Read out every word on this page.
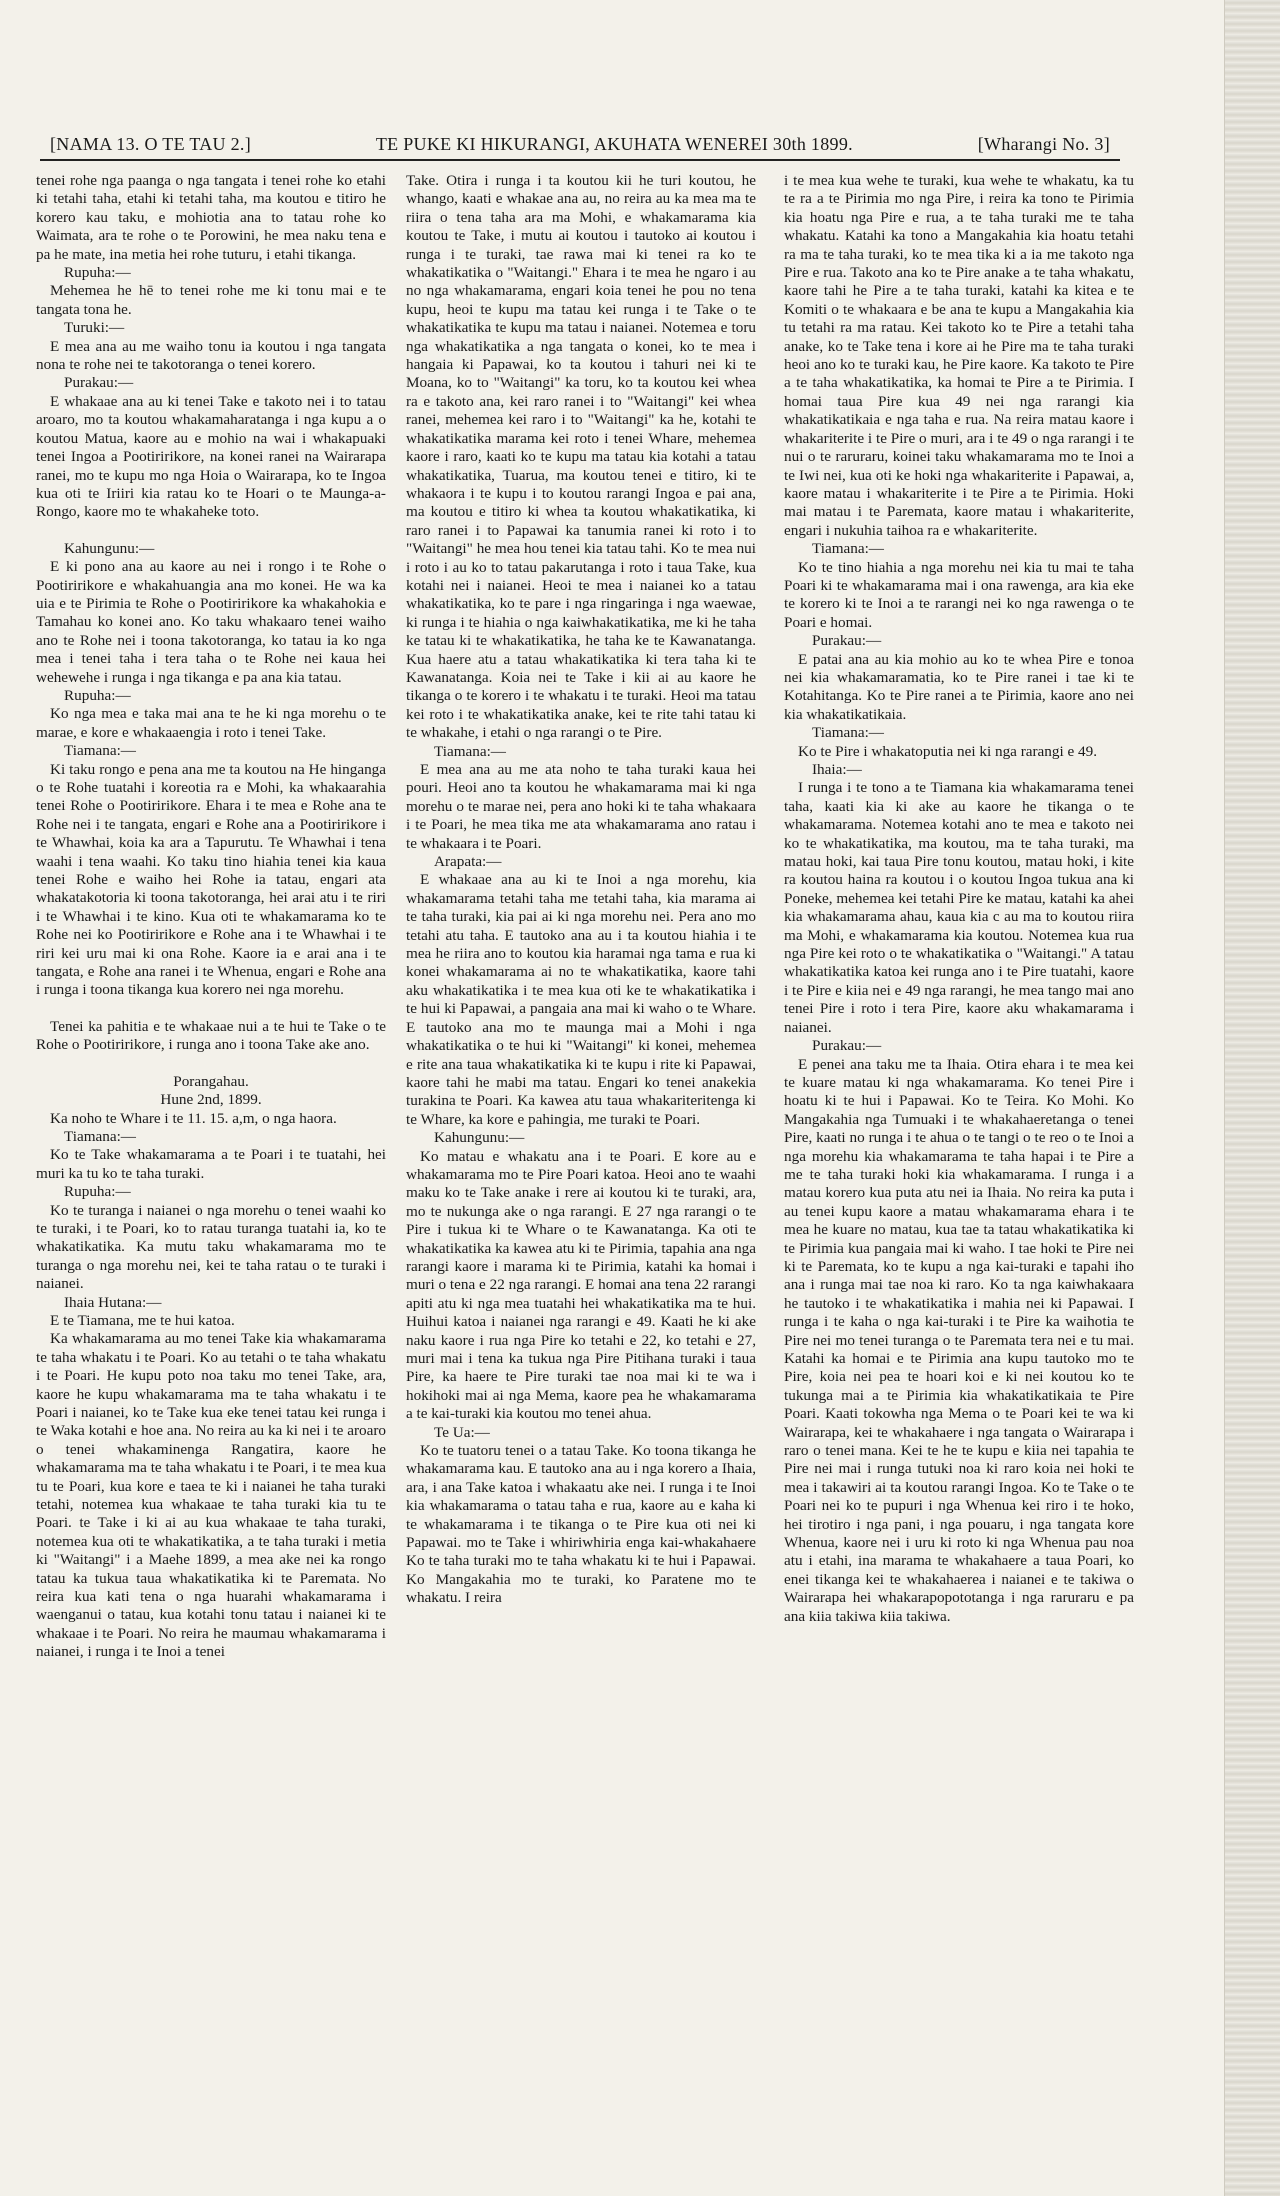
[NAMA 13. O TE TAU 2.]	TE PUKE KI HIKURANGI, AKUHATA WENEREI 30th 1899.	[Wharangi No. 3]

tenei rohe nga paanga o nga tangata i tenei rohe ko etahi ki tetahi taha, etahi ki tetahi taha, ma koutou e titiro he korero kau taku, e mohiotia ana to tatau rohe ko Waimata, ara te rohe o te Porowini, he mea naku tena e pa he mate, ina metia hei rohe tuturu, i etahi tikanga.

Rupuha:—

Mehemea he hē to tenei rohe me ki tonu mai e te tangata tona he.

Turuki:—

E mea ana au me waiho tonu ia koutou i nga tangata nona te rohe nei te takotoranga o tenei korero.

Purakau:—

E whakaae ana au ki tenei Take e takoto nei i to tatau aroaro, mo ta koutou whakamaharatanga i nga kupu a o koutou Matua, kaore au e mohio na wai i whakapuaki tenei Ingoa a Pootiririkore, na konei ranei na Wairarapa ranei, mo te kupu mo nga Hoia o Wairarapa, ko te Ingoa kua oti te Iriiri kia ratau ko te Hoari o te Maunga-a-Rongo, kaore mo te whakaheke toto.

Kahungunu:—

E ki pono ana au kaore au nei i rongo i te Rohe o Pootiririkore e whakahuangia ana mo konei. He wa ka uia e te Pirimia te Rohe o Pootiririkore ka whakahokia e Tamahau ko konei ano. Ko taku whakaaro tenei waiho ano te Rohe nei i toona takotoranga, ko tatau ia ko nga mea i tenei taha i tera taha o te Rohe nei kaua hei wehewehe i runga i nga tikanga e pa ana kia tatau.

Rupuha:—

Ko nga mea e taka mai ana te he ki nga morehu o te marae, e kore e whakaaengia i roto i tenei Take.

Tiamana:—

Ki taku rongo e pena ana me ta koutou na He hinganga o te Rohe tuatahi i koreotia ra e Mohi, ka whakaarahia tenei Rohe o Pootiririkore. Ehara i te mea e Rohe ana te Rohe nei i te tangata, engari e Rohe ana a Pootiririkore i te Whawhai, koia ka ara a Tapurutu. Te Whawhai i tena waahi i tena waahi. Ko taku tino hiahia tenei kia kaua tenei Rohe e waiho hei Rohe ia tatau, engari ata whakatakotoria ki toona takotoranga, hei arai atu i te riri i te Whawhai i te kino. Kua oti te whakamarama ko te Rohe nei ko Pootiririkore e Rohe ana i te Whawhai i te riri kei uru mai ki ona Rohe. Kaore ia e arai ana i te tangata, e Rohe ana ranei i te Whenua, engari e Rohe ana i runga i toona tikanga kua korero nei nga morehu.

Tenei ka pahitia e te whakaae nui a te hui te Take o te Rohe o Pootiririkore, i runga ano i toona Take ake ano.

Porangahau.

Hune 2nd, 1899.

Ka noho te Whare i te 11. 15. a,m, o nga haora.

Tiamana:—

Ko te Take whakamarama a te Poari i te tuatahi, hei muri ka tu ko te taha turaki.

Rupuha:—

Ko te turanga i naianei o nga morehu o tenei waahi ko te turaki, i te Poari, ko to ratau turanga tuatahi ia, ko te whakatikatika. Ka mutu taku whakamarama mo te turanga o nga morehu nei, kei te taha ratau o te turaki i naianei.

Ihaia Hutana:—

E te Tiamana, me te hui katoa.

Ka whakamarama au mo tenei Take kia whakamarama te taha whakatu i te Poari. Ko au tetahi o te taha whakatu i te Poari. He kupu poto noa taku mo tenei Take, ara, kaore he kupu whakamarama ma te taha whakatu i te Poari i naianei, ko te Take kua eke tenei tatau kei runga i te Waka kotahi e hoe ana. No reira au ka ki nei i te aroaro o tenei whakaminenga Rangatira, kaore he whakamarama ma te taha whakatu i te Poari, i te mea kua tu te Poari, kua kore e taea te ki i naianei he taha turaki tetahi, notemea kua whakaae te taha turaki kia tu te Poari. te Take i ki ai au kua whakaae te taha turaki, notemea kua oti te whakatikatika, a te taha turaki i metia ki "Waitangi" i a Maehe 1899, a mea ake nei ka rongo tatau ka tukua taua whakatikatika ki te Paremata. No reira kua kati tena o nga huarahi whakamarama i waenganui o tatau, kua kotahi tonu tatau i naianei ki te whakaae i te Poari. No reira he maumau whakamarama i naianei, i runga i te Inoi a tenei

Take. Otira i runga i ta koutou kii he turi koutou, he whango, kaati e whakae ana au, no reira au ka mea ma te riira o tena taha ara ma Mohi, e whakamarama kia koutou te Take, i mutu ai koutou i tautoko ai koutou i runga i te turaki, tae rawa mai ki tenei ra ko te whakatikatika o "Waitangi." Ehara i te mea he ngaro i au no nga whakamarama, engari koia tenei he pou no tena kupu, heoi te kupu ma tatau kei runga i te Take o te whakatikatika te kupu ma tatau i naianei. Notemea e toru nga whakatikatika a nga tangata o konei, ko te mea i hangaia ki Papawai, ko ta koutou i tahuri nei ki te Moana, ko to "Waitangi" ka toru, ko ta koutou kei whea ra e takoto ana, kei raro ranei i to "Waitangi" kei whea ranei, mehemea kei raro i to "Waitangi" ka he, kotahi te whakatikatika marama kei roto i tenei Whare, mehemea kaore i raro, kaati ko te kupu ma tatau kia kotahi a tatau whakatikatika, Tuarua, ma koutou tenei e titiro, ki te whakaora i te kupu i to koutou rarangi Ingoa e pai ana, ma koutou e titiro ki whea ta koutou whakatikatika, ki raro ranei i to Papawai ka tanumia ranei ki roto i to "Waitangi" he mea hou tenei kia tatau tahi. Ko te mea nui i roto i au ko to tatau pakarutanga i roto i taua Take, kua kotahi nei i naianei. Heoi te mea i naianei ko a tatau whakatikatika, ko te pare i nga ringaringa i nga waewae, ki runga i te hiahia o nga kaiwhakatikatika, me ki he taha ke tatau ki te whakatikatika, he taha ke te Kawanatanga. Kua haere atu a tatau whakatikatika ki tera taha ki te Kawanatanga. Koia nei te Take i kii ai au kaore he tikanga o te korero i te whakatu i te turaki. Heoi ma tatau kei roto i te whakatikatika anake, kei te rite tahi tatau ki te whakahe, i etahi o nga rarangi o te Pire.

Tiamana:—

E mea ana au me ata noho te taha turaki kaua hei pouri. Heoi ano ta koutou he whakamarama mai ki nga morehu o te marae nei, pera ano hoki ki te taha whakaara i te Poari, he mea tika me ata whakamarama ano ratau i te whakaara i te Poari.

Arapata:—

E whakaae ana au ki te Inoi a nga morehu, kia whakamarama tetahi taha me tetahi taha, kia marama ai te taha turaki, kia pai ai ki nga morehu nei. Pera ano mo tetahi atu taha. E tautoko ana au i ta koutou hiahia i te mea he riira ano to koutou kia haramai nga tama e rua ki konei whakamarama ai no te whakatikatika, kaore tahi aku whakatikatika i te mea kua oti ke te whakatikatika i te hui ki Papawai, a pangaia ana mai ki waho o te Whare. E tautoko ana mo te maunga mai a Mohi i nga whakatikatika o te hui ki "Waitangi" ki konei, mehemea e rite ana taua whakatikatika ki te kupu i rite ki Papawai, kaore tahi he mabi ma tatau. Engari ko tenei anakekia turakina te Poari. Ka kawea atu taua whakariteritenga ki te Whare, ka kore e pahingia, me turaki te Poari.

Kahungunu:—

Ko matau e whakatu ana i te Poari. E kore au e whakamarama mo te Pire Poari katoa. Heoi ano te waahi maku ko te Take anake i rere ai koutou ki te turaki, ara, mo te nukunga ake o nga rarangi. E 27 nga rarangi o te Pire i tukua ki te Whare o te Kawanatanga. Ka oti te whakatikatika ka kawea atu ki te Pirimia, tapahia ana nga rarangi kaore i marama ki te Pirimia, katahi ka homai i muri o tena e 22 nga rarangi. E homai ana tena 22 rarangi apiti atu ki nga mea tuatahi hei whakatikatika ma te hui. Huihui katoa i naianei nga rarangi e 49. Kaati he ki ake naku kaore i rua nga Pire ko tetahi e 22, ko tetahi e 27, muri mai i tena ka tukua nga Pire Pitihana turaki i taua Pire, ka haere te Pire turaki tae noa mai ki te wa i hokihoki mai ai nga Mema, kaore pea he whakamarama a te kai-turaki kia koutou mo tenei ahua.

Te Ua:—

Ko te tuatoru tenei o a tatau Take. Ko toona tikanga he whakamarama kau. E tautoko ana au i nga korero a Ihaia, ara, i ana Take katoa i whakaatu ake nei. I runga i te Inoi kia whakamarama o tatau taha e rua, kaore au e kaha ki te whakamarama i te tikanga o te Pire kua oti nei ki Papawai. mo te Take i whiriwhiria enga kai-whakahaere Ko te taha turaki mo te taha whakatu ki te hui i Papawai. Ko Mangakahia mo te turaki, ko Paratene mo te whakatu. I reira

i te mea kua wehe te turaki, kua wehe te whakatu, ka tu te ra a te Pirimia mo nga Pire, i reira ka tono te Pirimia kia hoatu nga Pire e rua, a te taha turaki me te taha whakatu. Katahi ka tono a Mangakahia kia hoatu tetahi ra ma te taha turaki, ko te mea tika ki a ia me takoto nga Pire e rua. Takoto ana ko te Pire anake a te taha whakatu, kaore tahi he Pire a te taha turaki, katahi ka kitea e te Komiti o te whakaara e be ana te kupu a Mangakahia kia tu tetahi ra ma ratau. Kei takoto ko te Pire a tetahi taha anake, ko te Take tena i kore ai he Pire ma te taha turaki heoi ano ko te turaki kau, he Pire kaore. Ka takoto te Pire a te taha whakatikatika, ka homai te Pire a te Pirimia. I homai taua Pire kua 49 nei nga rarangi kia whakatikatikaia e nga taha e rua. Na reira matau kaore i whakariterite i te Pire o muri, ara i te 49 o nga rarangi i te nui o te raruraru, koinei taku whakamarama mo te Inoi a te Iwi nei, kua oti ke hoki nga whakariterite i Papawai, a, kaore matau i whakariterite i te Pire a te Pirimia. Hoki mai matau i te Paremata, kaore matau i whakariterite, engari i nukuhia taihoa ra e whakariterite.

Tiamana:—

Ko te tino hiahia a nga morehu nei kia tu mai te taha Poari ki te whakamarama mai i ona rawenga, ara kia eke te korero ki te Inoi a te rarangi nei ko nga rawenga o te Poari e homai.

Purakau:—

E patai ana au kia mohio au ko te whea Pire e tonoa nei kia whakamaramatia, ko te Pire ranei i tae ki te Kotahitanga. Ko te Pire ranei a te Pirimia, kaore ano nei kia whakatikatikaia.

Tiamana:—

Ko te Pire i whakatoputia nei ki nga rarangi e 49.

Ihaia:—

I runga i te tono a te Tiamana kia whakamarama tenei taha, kaati kia ki ake au kaore he tikanga o te whakamarama. Notemea kotahi ano te mea e takoto nei ko te whakatikatika, ma koutou, ma te taha turaki, ma matau hoki, kai taua Pire tonu koutou, matau hoki, i kite ra koutou haina ra koutou i o koutou Ingoa tukua ana ki Poneke, mehemea kei tetahi Pire ke matau, katahi ka ahei kia whakamarama ahau, kaua kia c au ma to koutou riira ma Mohi, e whakamarama kia koutou. Notemea kua rua nga Pire kei roto o te whakatikatika o "Waitangi." A tatau whakatikatika katoa kei runga ano i te Pire tuatahi, kaore i te Pire e kiia nei e 49 nga rarangi, he mea tango mai ano tenei Pire i roto i tera Pire, kaore aku whakamarama i naianei.

Purakau:—

E penei ana taku me ta Ihaia. Otira ehara i te mea kei te kuare matau ki nga whakamarama. Ko tenei Pire i hoatu ki te hui i Papawai. Ko te Teira. Ko Mohi. Ko Mangakahia nga Tumuaki i te whakahaeretanga o tenei Pire, kaati no runga i te ahua o te tangi o te reo o te Inoi a nga morehu kia whakamarama te taha hapai i te Pire a me te taha turaki hoki kia whakamarama. I runga i a matau korero kua puta atu nei ia Ihaia. No reira ka puta i au tenei kupu kaore a matau whakamarama ehara i te mea he kuare no matau, kua tae ta tatau whakatikatika ki te Pirimia kua pangaia mai ki waho. I tae hoki te Pire nei ki te Paremata, ko te kupu a nga kai-turaki e tapahi iho ana i runga mai tae noa ki raro. Ko ta nga kaiwhakaara he tautoko i te whakatikatika i mahia nei ki Papawai. I runga i te kaha o nga kai-turaki i te Pire ka waihotia te Pire nei mo tenei turanga o te Paremata tera nei e tu mai. Katahi ka homai e te Pirimia ana kupu tautoko mo te Pire, koia nei pea te hoari koi e ki nei koutou ko te tukunga mai a te Pirimia kia whakatikatikaia te Pire Poari. Kaati tokowha nga Mema o te Poari kei te wa ki Wairarapa, kei te whakahaere i nga tangata o Wairarapa i raro o tenei mana. Kei te he te kupu e kiia nei tapahia te Pire nei mai i runga tutuki noa ki raro koia nei hoki te mea i takawiri ai ta koutou rarangi Ingoa. Ko te Take o te Poari nei ko te pupuri i nga Whenua kei riro i te hoko, hei tirotiro i nga pani, i nga pouaru, i nga tangata kore Whenua, kaore nei i uru ki roto ki nga Whenua pau noa atu i etahi, ina marama te whakahaere a taua Poari, ko enei tikanga kei te whakahaerea i naianei e te takiwa o Wairarapa hei whakarapopototanga i nga raruraru e pa ana kiia takiwa kiia takiwa.
